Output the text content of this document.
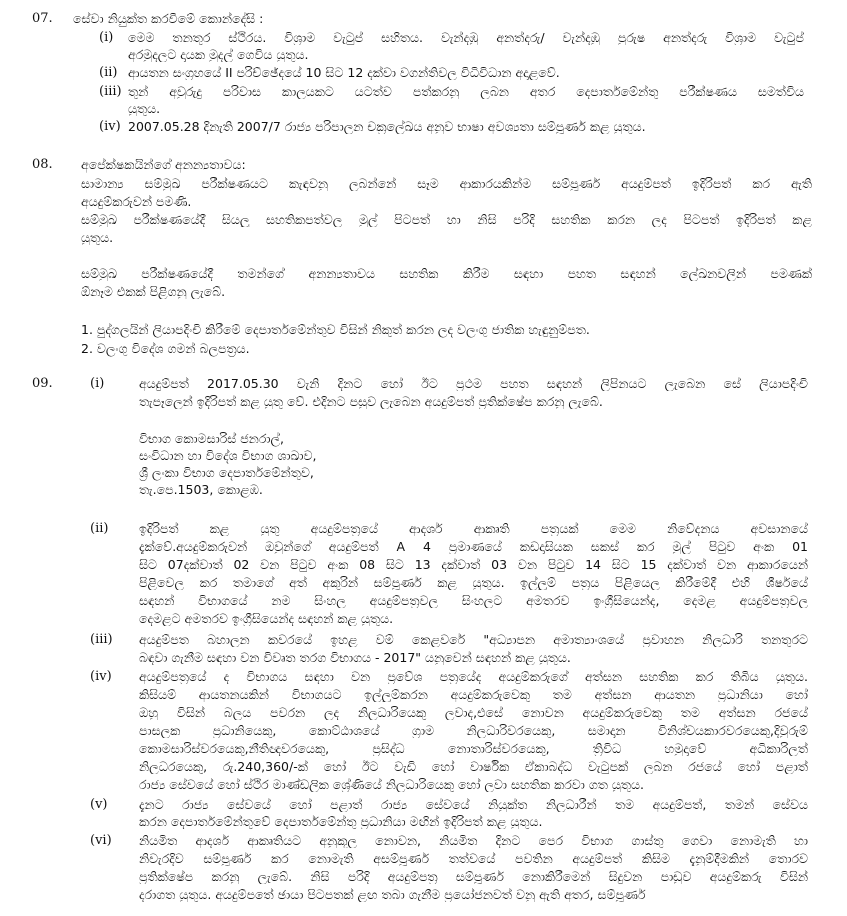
07. සේවා නියුක්ත කරවීමේ කොන්දේසි :
(i) මෙම තනතුර ස්ථිරය. විශ්‍රාම වැටුප් සහිතය. වැන්දඹු අනත්දරු/ වැන්දඹු පුරුෂ අනත්දරු විශ්‍රාම වැටුප්
අරමුදලට දායක මුදල් ගෙවිය යුතුය.
(ii) ආයතන සංග්‍රහයේ II පරිච්ඡේදයේ 10 සිට 12 දක්වා වගන්තිවල විධිවිධාන අදාළවේ.
(iii) තුන් අවුරුදු පරිවාස කාලයකට යටත්ව පත්කරනු ලබන අතර දෙපාර්තමේන්තු පරීක්ෂණය සමත්විය
යුතුය.
(iv) 2007.05.28 දිනැති 2007/7 රාජ්‍ය පරිපාලන චක්‍රලේඛය අනුව භාෂා අවශ්‍යතා සම්පූර්ණ කළ යුතුය.
08. අපේක්ෂකයින්ගේ අනන්‍යතාවය:
සාමාන්‍ය සම්මුඛ පරීක්ෂණයට කැඳවනු ලබන්නේ සෑම ආකාරයකින්ම සම්පූර්ණ අයදුම්පත් ඉදිරිපත් කර ඇති
අයදුම්කරුවන් පමණි.
සම්මුඛ පරීක්ෂණයේදී සියලු සහතිකපත්වල මුල් පිටපත් හා නිසි පරිදි සහතික කරන ලද පිටපත් ඉදිරිපත් කළ
යුතුය.
සම්මුඛ පරීක්ෂණයේදී තමන්ගේ අනන්‍යතාවය සහතික කිරීම සඳහා පහත සඳහන් ලේඛනවලින් පමණක්
ඕනෑම එකක් පිළිගනු ලැබේ.
1. පුද්ගලයින් ලියාපදිංචි කිරීමේ දෙපාර්තමේන්තුව විසින් නිකුත් කරන ලද වලංගු ජාතික හැඳුනුම්පත.
2. වලංගු විදේශ ගමන් බලපත්‍රය.
09.	(i)	අයදුම්පත් 2017.05.30 වැනි දිනට හෝ ඊට ප්‍රථම පහත සඳහන් ලිපිනයට ලැබෙන සේ ලියාපදිංචි
තැපෑලෙන් ඉදිරිපත් කළ යුතු වේ. එදිනට පසුව ලැබෙන අයදුම්පත් ප්‍රතික්ෂේප කරනු ලැබේ.
විභාග කොමසාරිස් ජනරාල්,
සංවිධාන හා විදේශ විභාග ශාඛාව,
ශ්‍රී ලංකා විභාග දෙපාර්තමේන්තුව,
තැ.පෙ.1503, කොළඹ.
(ii) ඉදිරිපත් කළ යුතු අයදුම්පත්‍රයේ ආදර්ශ ආකෘති පත්‍රයක් මෙම නිවේදනය අවසානයේ
දැක්වේ.අයදුම්කරුවන් ඔවුන්ගේ අයදුම්පත් A 4 ප්‍රමාණයේ කඩදාසියක සකස් කර මුල් පිටුව අංක 01
සිට 07දක්වාත් 02 වන පිටුව අංක 08 සිට 13 දක්වාත් 03 වන පිටුව 14 සිට 15 දක්වාත් වන ආකාරයෙන්
පිළිවෙල කර තමාගේ අත් අකුරින් සම්පූර්ණ කළ යුතුය. ඉල්ලුම් පත්‍රය පිළියෙල කිරීමේදී එහි ශීර්ෂයේ
සඳහන් විභාගයේ නම සිංහල අයදුම්පත්‍රවල සිංහලට අමතරව ඉංග්‍රීසියෙන්ද, දෙමළ අයදුම්පත්‍රවල
දෙමළට අමතරව ඉංග්‍රීසියෙන්ද සඳහන් කළ යුතුය.
(iii) අයදුම්පත බහාලන කවරයේ ඉහළ වම් කෙළවරේ "අධ්‍යාපන අමාත්‍යාංශයේ ප්‍රවාහන නිලධාරි තනතුරට
බඳවා ගැනීම සඳහා වන විවෘත තරග විභාගය - 2017" යනුවෙන් සඳහන් කළ යුතුය.
(iv) අයදුම්පත්‍රයේ ද විභාගය සඳහා වන ප්‍රවේශ පත්‍රයේද අයදුම්කරුගේ අත්සන සහතික කර තිබිය යුතුය.
කිසියම් ආයතනයකින් විභාගයට ඉල්ලුම්කරන අයදුම්කරුවෙකු තම අත්සන ආයතන ප්‍රධානියා හෝ
ඔහු විසින් බලය පවරන ලද නිලධාරියෙකු ලවාද,එසේ නොවන අයදුම්කරුවෙකු තම අත්සන රජයේ
පාසලක ප්‍රධානියෙකු, කොට්ඨාශයේ ග්‍රාම නිලධාරිවරයෙකු, සමාදාන විනිශ්චයකාරවරයෙකු,දිවුරුම්
කොමසාරිස්වරයෙකු,නීතිඥවරයෙකු, ප්‍රසිද්ධ නොතාරිස්වරයෙකු, ත්‍රිවිධ හමුදාවේ අධිකාරිලත්
නිලධරයෙකු, රු.240,360/-ක් හෝ ඊට වැඩි හෝ වාර්ෂික ඒකාබද්ධ වැටුපක් ලබන රජයේ හෝ පළාත්
රාජ්‍ය සේවයේ හෝ ස්ථිර මාණ්ඩලික ශ්‍රේණියේ නිලධාරියෙකු හෝ ලවා සහතික කරවා ගත යුතුය.
(v)	දැනට රාජ්‍ය සේවයේ හෝ පළාත් රාජ්‍ය සේවයේ නියුක්ත නිලධාරීන් තම අයදුම්පත්, තමන් සේවය
කරන දෙපාර්තමේන්තුවේ දෙපාර්තමේන්තු ප්‍රධානියා මඟින් ඉදිරිපත් කළ යුතුය.
(vi) නියමිත ආදර්ශ ආකෘතියට අනුකූල නොවන, නියමිත දිනට පෙර විභාග ගාස්තු ගෙවා නොමැති හා
නිවැරදිව සම්පූර්ණ කර නොමැති අසම්පූර්ණ තත්වයේ පවතින අයදුම්පත් කිසිම දැනුම්දීමකින් තොරව
ප්‍රතික්ෂේප කරනු ලැබේ. නිසි පරිදි අයදුම්පත්‍ර සම්පූර්ණ නොකිරීමෙන් සිදුවන පාඩුව අයදුම්කරු විසින්
දරාගත යුතුය. අයදුම්පතේ ඡායා පිටපතක් ළඟ තබා ගැනීම ප්‍රයෝජනවත් වනු ඇති අතර, සම්පූර්ණ
